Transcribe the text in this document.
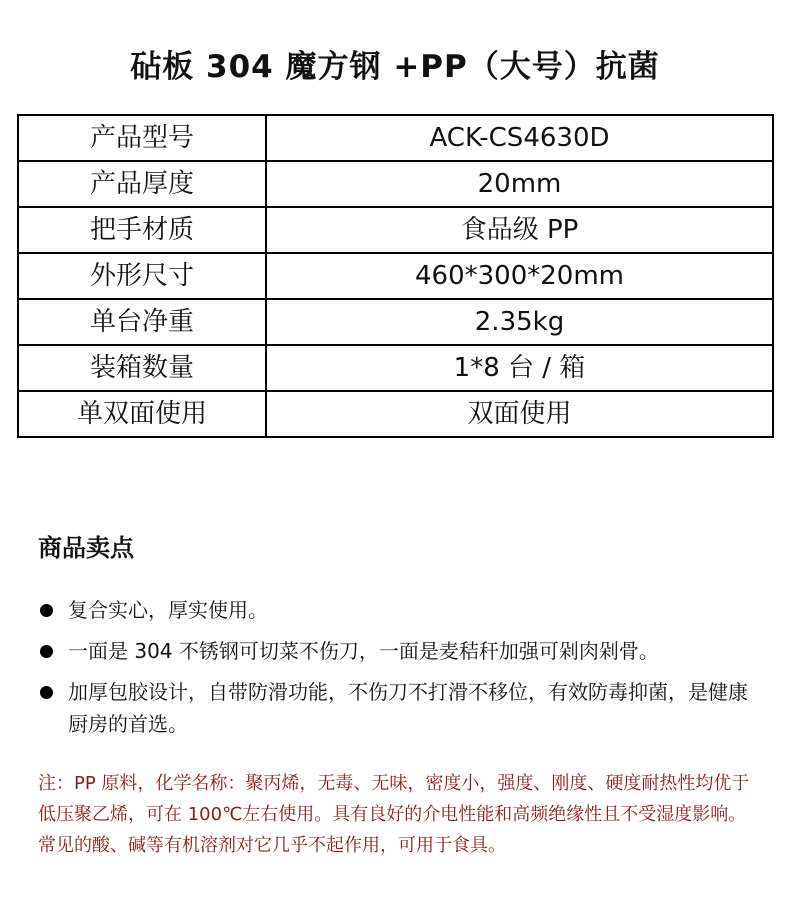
砧板 304 魔方钢 +PP（大号）抗菌
产品型号	ACK-CS4630D
产品厚度	20mm
把手材质	食品级 PP
外形尺寸	460*300*20mm
单台净重	2.35kg
装箱数量	1*8 台 / 箱
单双面使用	双面使用
商品卖点
复合实心，厚实使用。
一面是 304 不锈钢可切菜不伤刀，一面是麦秸秆加强可剁肉剁骨。
加厚包胶设计，自带防滑功能，不伤刀不打滑不移位，有效防毒抑菌，是健康厨房的首选。
注：PP 原料，化学名称：聚丙烯，无毒、无味，密度小，强度、刚度、硬度耐热性均优于低压聚乙烯，可在 100℃左右使用。具有良好的介电性能和高频绝缘性且不受湿度影响。常见的酸、碱等有机溶剂对它几乎不起作用，可用于食具。
